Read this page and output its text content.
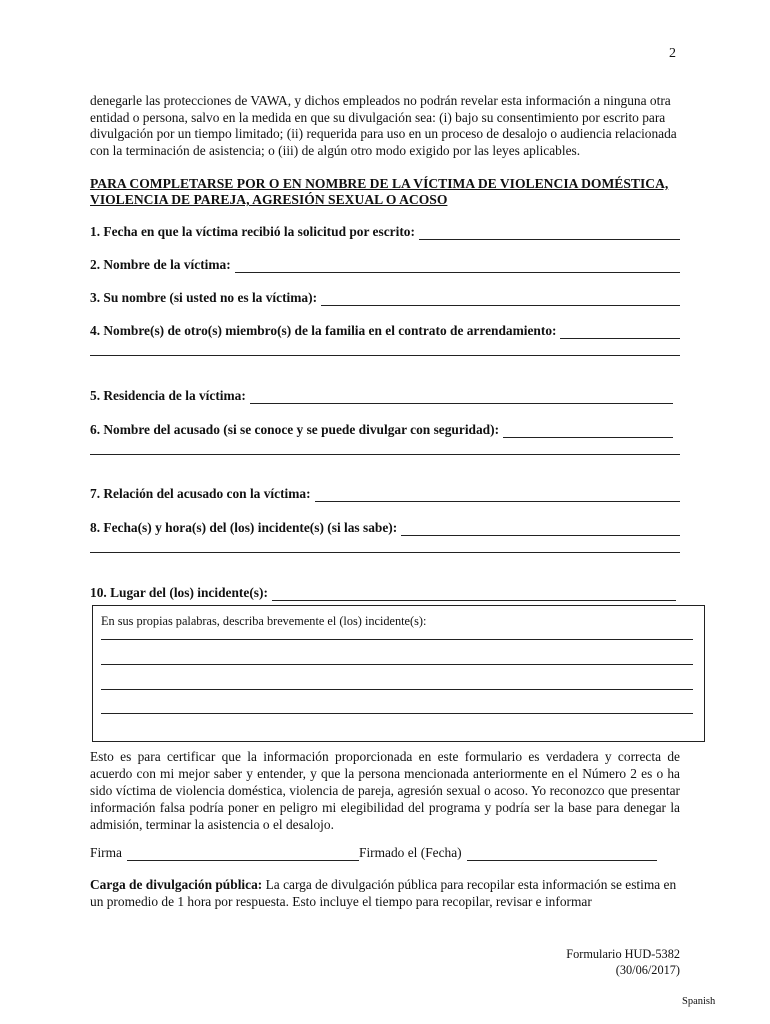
2

denegarle las protecciones de VAWA, y dichos empleados no podrán revelar esta información a ninguna otra entidad o persona, salvo en la medida en que su divulgación sea: (i) bajo su consentimiento por escrito para divulgación por un tiempo limitado; (ii) requerida para uso en un proceso de desalojo o audiencia relacionada con la terminación de asistencia; o (iii) de algún otro modo exigido por las leyes aplicables.

PARA COMPLETARSE POR O EN NOMBRE DE LA VÍCTIMA DE VIOLENCIA DOMÉSTICA, VIOLENCIA DE PAREJA, AGRESIÓN SEXUAL O ACOSO

1. Fecha en que la víctima recibió la solicitud por escrito:
2. Nombre de la víctima:
3. Su nombre (si usted no es la víctima):
4. Nombre(s) de otro(s) miembro(s) de la familia en el contrato de arrendamiento:
5. Residencia de la víctima:
6. Nombre del acusado (si se conoce y se puede divulgar con seguridad):
7. Relación del acusado con la víctima:
8. Fecha(s) y hora(s) del (los) incidente(s) (si las sabe):
10. Lugar del (los) incidente(s):
En sus propias palabras, describa brevemente el (los) incidente(s):

Esto es para certificar que la información proporcionada en este formulario es verdadera y correcta de acuerdo con mi mejor saber y entender, y que la persona mencionada anteriormente en el Número 2 es o ha sido víctima de violencia doméstica, violencia de pareja, agresión sexual o acoso. Yo reconozco que presentar información falsa podría poner en peligro mi elegibilidad del programa y podría ser la base para denegar la admisión, terminar la asistencia o el desalojo.

Firma	Firmado el (Fecha)

Carga de divulgación pública: La carga de divulgación pública para recopilar esta información se estima en un promedio de 1 hora por respuesta. Esto incluye el tiempo para recopilar, revisar e informar

Formulario HUD-5382
(30/06/2017)
Spanish
